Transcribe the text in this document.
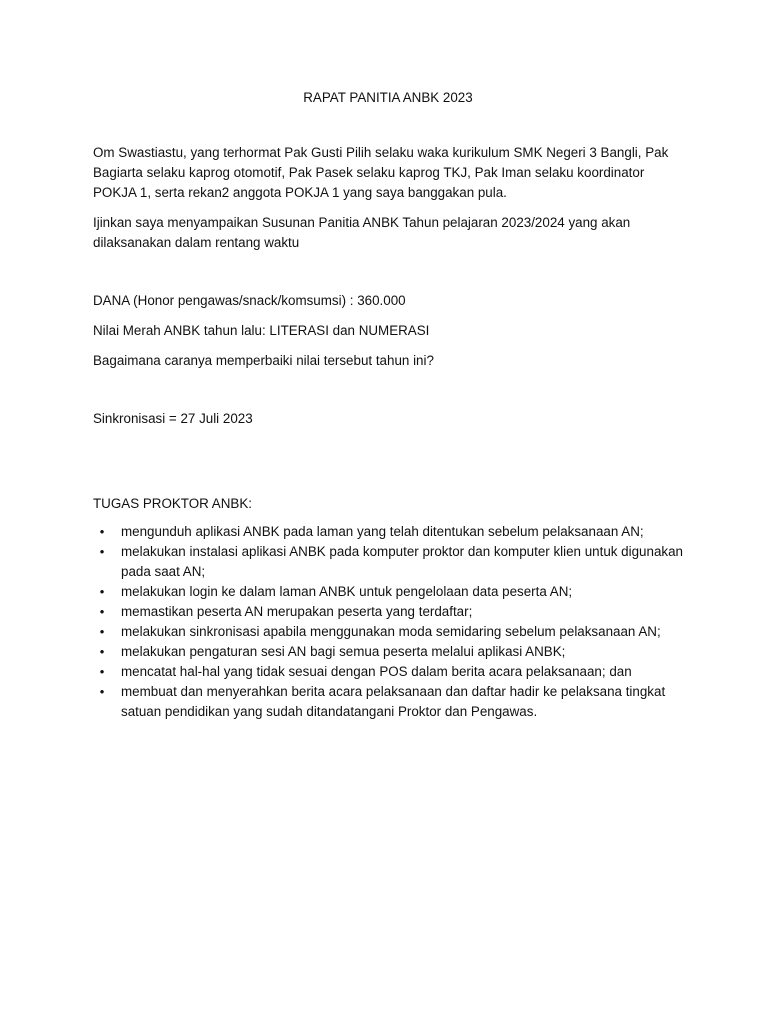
RAPAT PANITIA ANBK 2023

Om Swastiastu, yang terhormat Pak Gusti Pilih selaku waka kurikulum SMK Negeri 3 Bangli, Pak Bagiarta selaku kaprog otomotif, Pak Pasek selaku kaprog TKJ, Pak Iman selaku koordinator POKJA 1, serta rekan2 anggota POKJA 1 yang saya banggakan pula.

Ijinkan saya menyampaikan Susunan Panitia ANBK Tahun pelajaran 2023/2024 yang akan dilaksanakan dalam rentang waktu

DANA (Honor pengawas/snack/komsumsi) : 360.000

Nilai Merah ANBK tahun lalu: LITERASI dan NUMERASI

Bagaimana caranya memperbaiki nilai tersebut tahun ini?

Sinkronisasi = 27 Juli 2023

TUGAS PROKTOR ANBK:

•	mengunduh aplikasi ANBK pada laman yang telah ditentukan sebelum pelaksanaan AN;
•	melakukan instalasi aplikasi ANBK pada komputer proktor dan komputer klien untuk digunakan pada saat AN;
•	melakukan login ke dalam laman ANBK untuk pengelolaan data peserta AN;
•	memastikan peserta AN merupakan peserta yang terdaftar;
•	melakukan sinkronisasi apabila menggunakan moda semidaring sebelum pelaksanaan AN;
•	melakukan pengaturan sesi AN bagi semua peserta melalui aplikasi ANBK;
•	mencatat hal-hal yang tidak sesuai dengan POS dalam berita acara pelaksanaan; dan
•	membuat dan menyerahkan berita acara pelaksanaan dan daftar hadir ke pelaksana tingkat satuan pendidikan yang sudah ditandatangani Proktor dan Pengawas.
